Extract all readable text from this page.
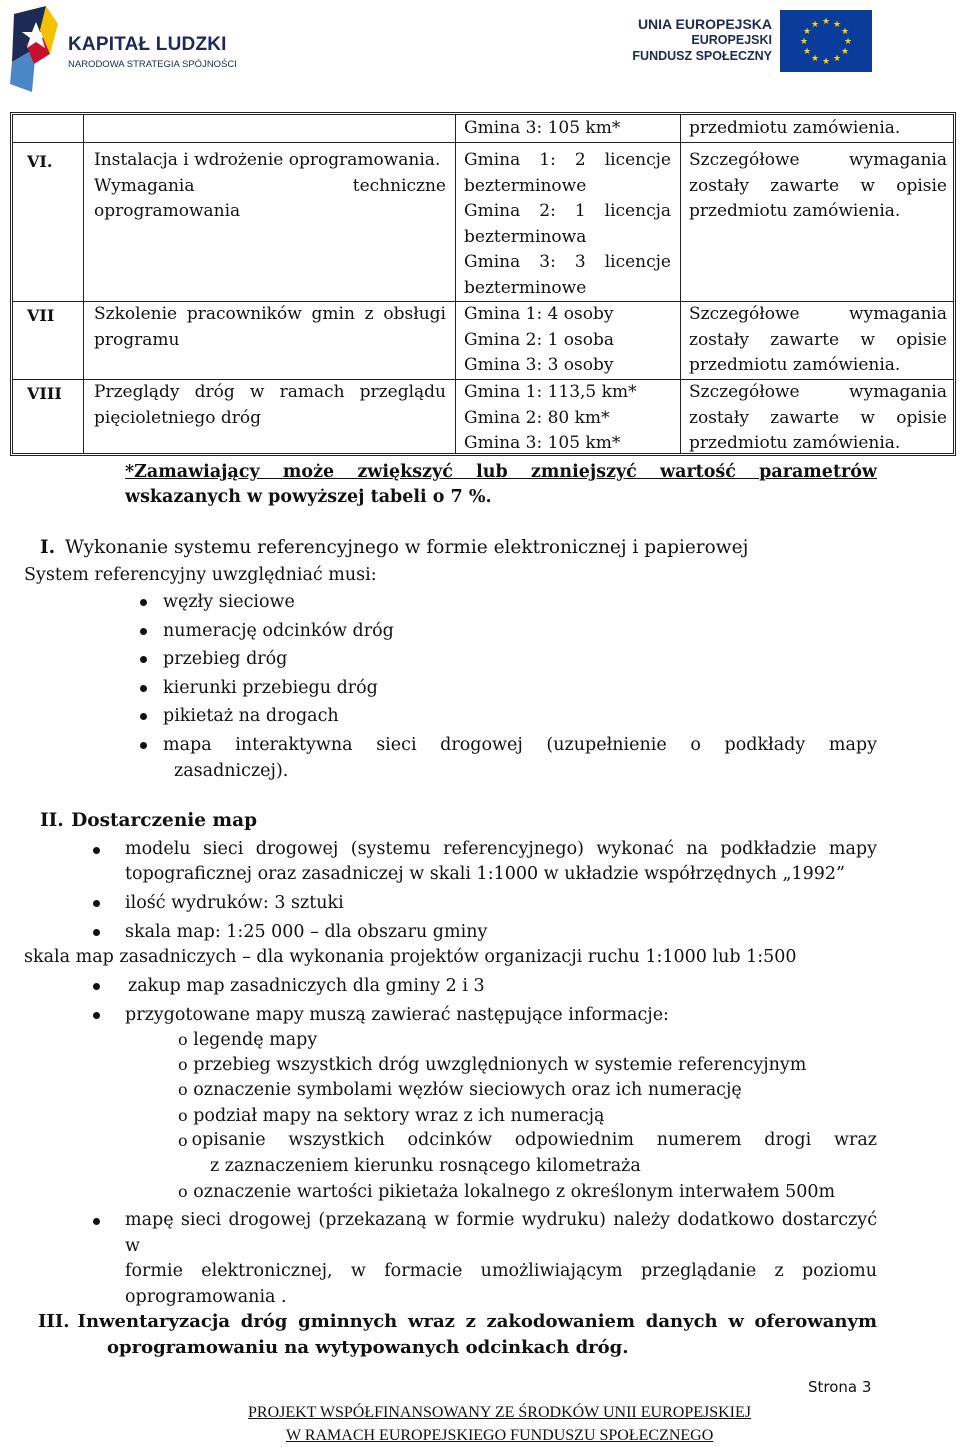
KAPITAŁ LUDZKI
NARODOWA STRATEGIA SPÓJNOŚCI
UNIA EUROPEJSKA
EUROPEJSKI
FUNDUSZ SPOŁECZNY
★ ★
★
★
★
★
★
★
★
★
★
★
Gmina 3: 105 km*	przedmiotu zamówienia.
VI. Instalacja i wdrożenie oprogramowania.
Wymagania techniczne
oprogramowania
Gmina 1: 2 licencje
bezterminowe
Gmina 2: 1 licencja
bezterminowa
Gmina 3: 3 licencje
bezterminowe
Szczegółowe wymagania
zostały zawarte w opisie
przedmiotu zamówienia.
VII Szkolenie pracowników gmin z obsługi
programu
Gmina 1: 4 osoby
Gmina 2: 1 osoba
Gmina 3: 3 osoby
Szczegółowe wymagania
zostały zawarte w opisie
przedmiotu zamówienia.
VIII Przeglądy dróg w ramach przeglądu
pięcioletniego dróg
Gmina 1: 113,5 km*
Gmina 2: 80 km*
Gmina 3: 105 km*
Szczegółowe wymagania
zostały zawarte w opisie
przedmiotu zamówienia.
*Zamawiający może zwiększyć lub zmniejszyć wartość parametrów
wskazanych w powyższej tabeli o 7 %.
I. Wykonanie systemu referencyjnego w formie elektronicznej i papierowej
System referencyjny uwzględniać musi:
węzły sieciowe
numerację odcinków dróg
przebieg dróg
kierunki przebiegu dróg
pikietaż na drogach
mapa interaktywna sieci drogowej (uzupełnienie o podkłady mapy
zasadniczej).
II. Dostarczenie map
modelu sieci drogowej (systemu referencyjnego) wykonać na podkładzie mapy
topograficznej oraz zasadniczej w skali 1:1000 w układzie współrzędnych „1992”
ilość wydruków: 3 sztuki
skala map: 1:25 000 – dla obszaru gminy
skala map zasadniczych – dla wykonania projektów organizacji ruchu 1:1000 lub 1:500
zakup map zasadniczych dla gminy 2 i 3
przygotowane mapy muszą zawierać następujące informacje:
o legendę mapy
o przebieg wszystkich dróg uwzględnionych w systemie referencyjnym
o oznaczenie symbolami węzłów sieciowych oraz ich numerację
o podział mapy na sektory wraz z ich numeracją
o opisanie wszystkich odcinków odpowiednim numerem drogi wraz
z zaznaczeniem kierunku rosnącego kilometraża
o oznaczenie wartości pikietaża lokalnego z określonym interwałem 500m
mapę sieci drogowej (przekazaną w formie wydruku) należy dodatkowo dostarczyć w
formie elektronicznej, w formacie umożliwiającym przeglądanie z poziomu
oprogramowania .
III. Inwentaryzacja dróg gminnych wraz z zakodowaniem danych w oferowanym
oprogramowaniu na wytypowanych odcinkach dróg.
Strona 3
PROJEKT WSPÓŁFINANSOWANY ZE ŚRODKÓW UNII EUROPEJSKIEJ
W RAMACH EUROPEJSKIEGO FUNDUSZU SPOŁECZNEGO
